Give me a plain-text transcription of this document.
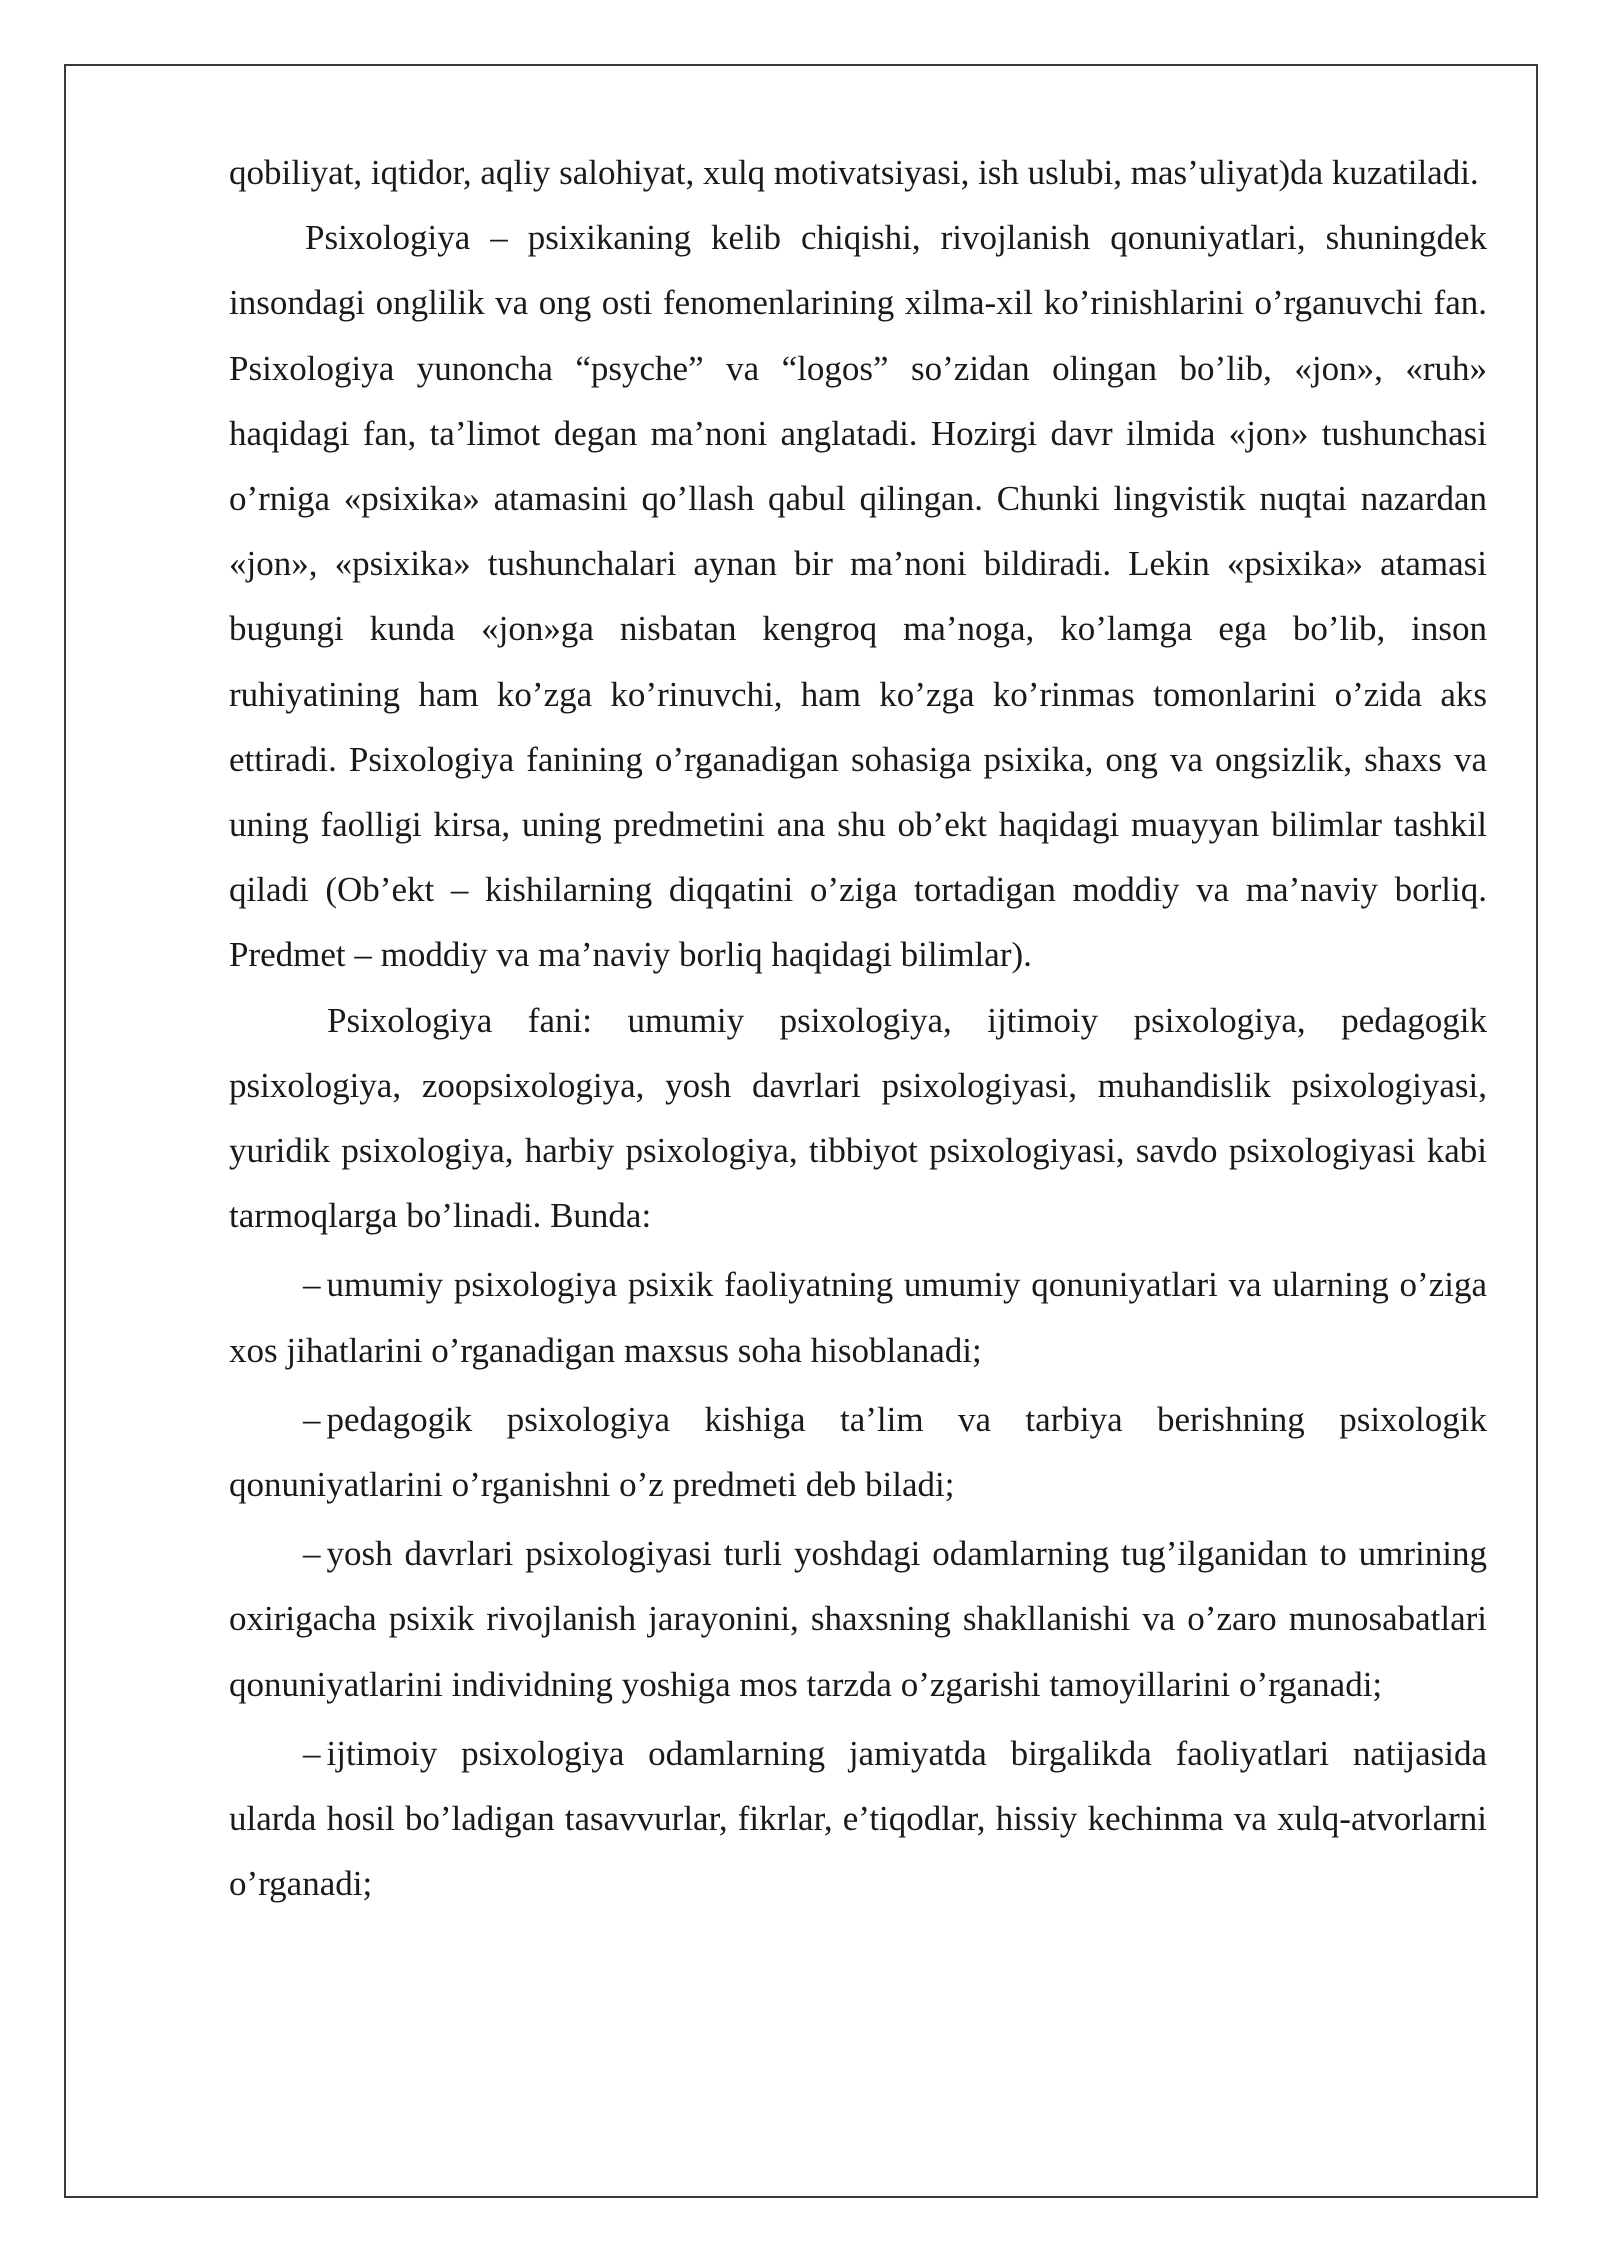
qobiliyat, iqtidor, aqliy salohiyat, xulq motivatsiyasi, ish uslubi, mas’uliyat)da kuzatiladi.

Psixologiya – psixikaning kelib chiqishi, rivojlanish qonuniyatlari, shuningdek insondagi onglilik va ong osti fenomenlarining xilma-xil ko’rinishlarini o’rganuvchi fan. Psixologiya yunoncha “psyche” va “logos” so’zidan olingan bo’lib, «jon», «ruh» haqidagi fan, ta’limot degan ma’noni anglatadi. Hozirgi davr ilmida «jon» tushunchasi o’rniga «psixika» atamasini qo’llash qabul qilingan. Chunki lingvistik nuqtai nazardan «jon», «psixika» tushunchalari aynan bir ma’noni bildiradi. Lekin «psixika» atamasi bugungi kunda «jon»ga nisbatan kengroq ma’noga, ko’lamga ega bo’lib, inson ruhiyatining ham ko’zga ko’rinuvchi, ham ko’zga ko’rinmas tomonlarini o’zida aks ettiradi. Psixologiya fanining o’rganadigan sohasiga psixika, ong va ongsizlik, shaxs va uning faolligi kirsa, uning predmetini ana shu ob’ekt haqidagi muayyan bilimlar tashkil qiladi (Ob’ekt – kishilarning diqqatini o’ziga tortadigan moddiy va ma’naviy borliq. Predmet – moddiy va ma’naviy borliq haqidagi bilimlar).

Psixologiya fani: umumiy psixologiya, ijtimoiy psixologiya, pedagogik psixologiya, zoopsixologiya, yosh davrlari psixologiyasi, muhandislik psixologiyasi, yuridik psixologiya, harbiy psixologiya, tibbiyot psixologiyasi, savdo psixologiyasi kabi tarmoqlarga bo’linadi. Bunda:

– umumiy psixologiya psixik faoliyatning umumiy qonuniyatlari va ularning o’ziga xos jihatlarini o’rganadigan maxsus soha hisoblanadi;

– pedagogik psixologiya kishiga ta’lim va tarbiya berishning psixologik qonuniyatlarini o’rganishni o’z predmeti deb biladi;

– yosh davrlari psixologiyasi turli yoshdagi odamlarning tug’ilganidan to umrining oxirigacha psixik rivojlanish jarayonini, shaxsning shakllanishi va o’zaro munosabatlari qonuniyatlarini individning yoshiga mos tarzda o’zgarishi tamoyillarini o’rganadi;

– ijtimoiy psixologiya odamlarning jamiyatda birgalikda faoliyatlari natijasida ularda hosil bo’ladigan tasavvurlar, fikrlar, e’tiqodlar, hissiy kechinma va xulq-atvorlarni o’rganadi;
